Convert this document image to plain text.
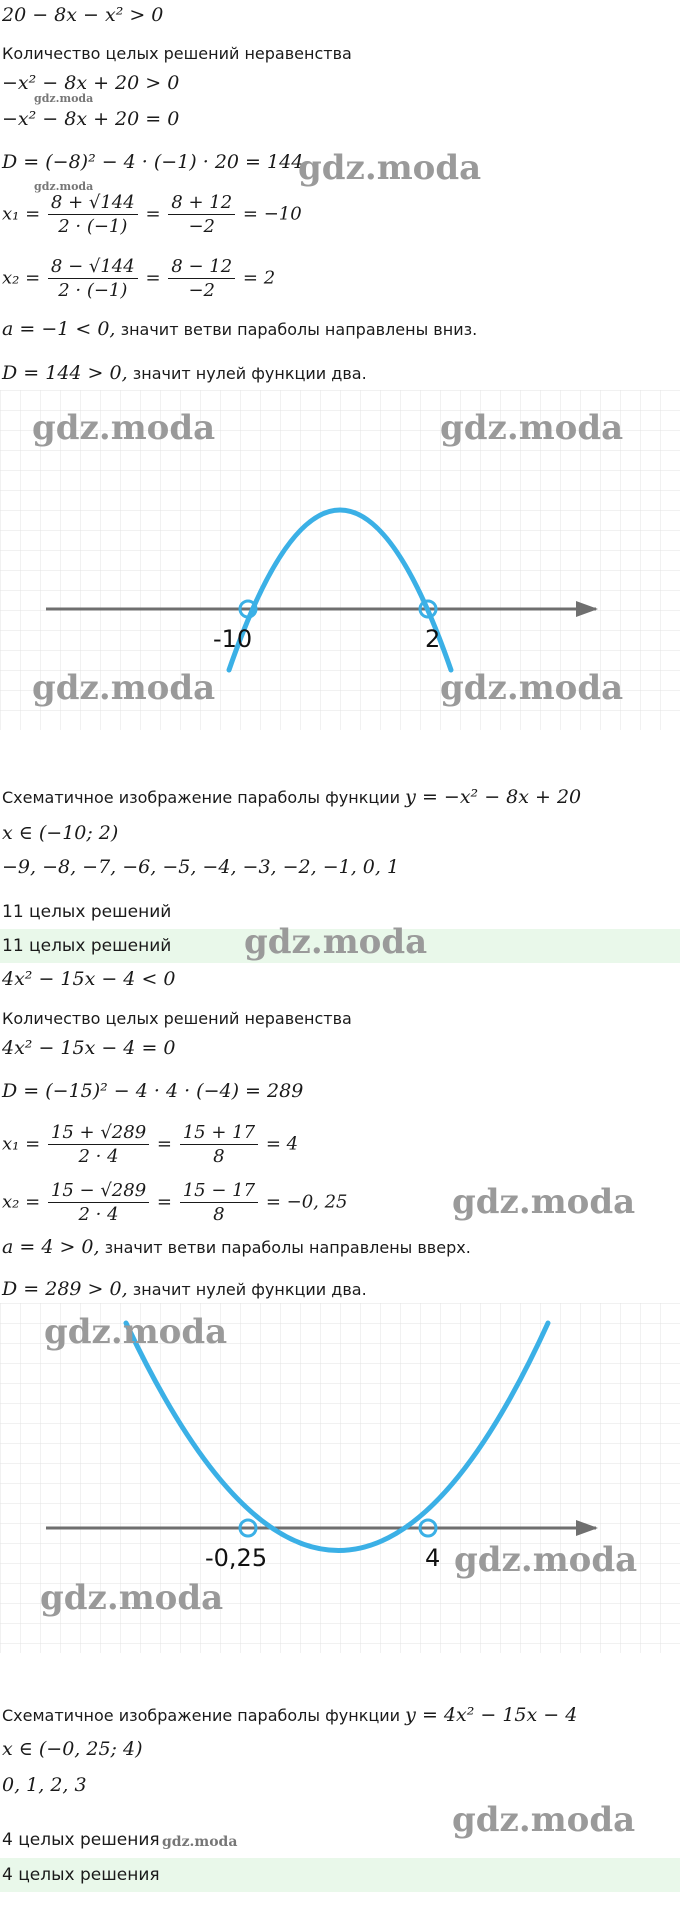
20 − 8x − x² > 0
Количество целых решений неравенства
−x² − 8x + 20 > 0
gdz.moda
−x² − 8x + 20 = 0
D = (−8)² − 4 · (−1) · 20 = 144
gdz.moda
gdz.moda
$x_1 = \frac{8 + √144}{2 \cdot (-1)} = \frac{8 + 12}{-2} = -10$
$x_2 = \frac{8 - √144}{2 \cdot (-1)} = \frac{8 - 12}{-2} = 2$
a = −1 < 0, значит ветви параболы направлены вниз.
D = 144 > 0, значит нулей функции два.
-10	2
gdz.moda	gdz.moda
gdz.moda	gdz.moda
Схематичное изображение параболы функции y = −x² − 8x + 20
x ∈ (−10; 2)
−9, −8, −7, −6, −5, −4, −3, −2, −1, 0, 1
11 целых решений
11 целых решений gdz.moda
4x² − 15x − 4 < 0
Количество целых решений неравенства
4x² − 15x − 4 = 0
D = (−15)² − 4 · 4 · (−4) = 289
$x_1 = \frac{15 + √289}{2 \cdot 4} = \frac{15 + 17}{8} = 4$
$x_2 = \frac{15 - √289}{2 \cdot 4} = \frac{15 - 17}{8} = -0$, 25	gdz.moda
a = 4 > 0, значит ветви параболы направлены вверх.
D = 289 > 0, значит нулей функции два.
-0,25	4
gdz.moda
gdz.moda
gdz.moda
Схематичное изображение параболы функции y = 4x² − 15x − 4
x ∈ (−0, 25; 4)
0, 1, 2, 3
gdz.moda
4 целых решения gdz.moda
4 целых решения
